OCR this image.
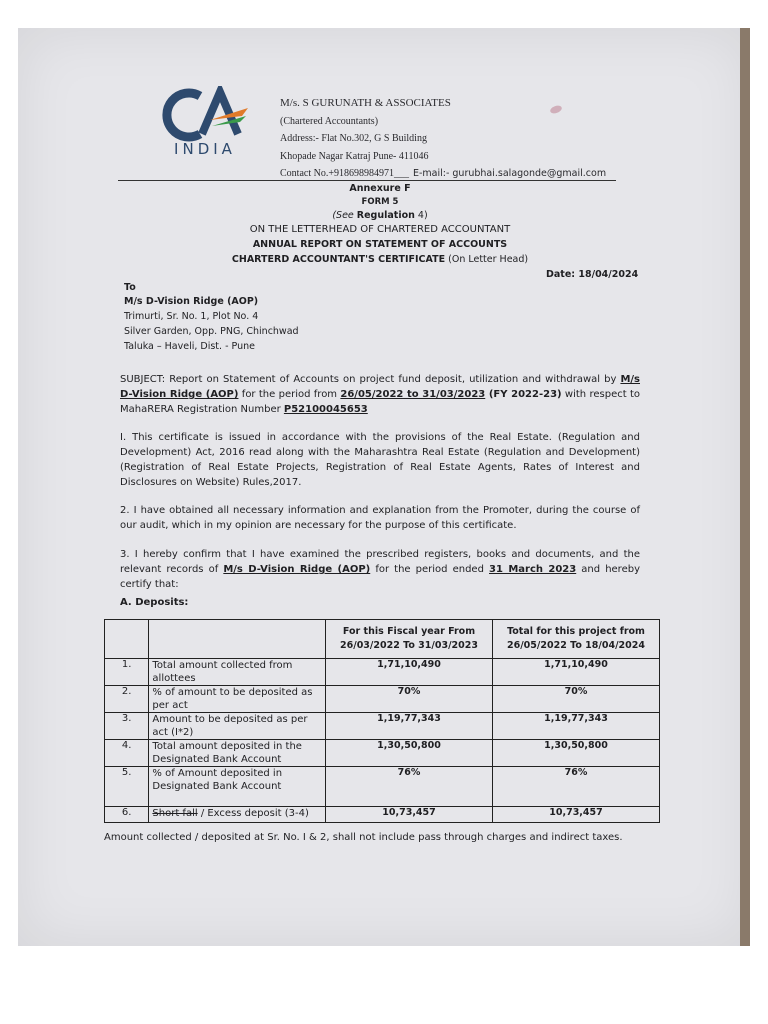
INDIA
M/s. S GURUNATH & ASSOCIATES
(Chartered Accountants)
Address:- Flat No.302, G S Building
Khopade Nagar Katraj Pune- 411046
Contact No.+918698984971___ E-mail:- gurubhai.salagonde@gmail.com
Annexure F
FORM 5
(See Regulation 4)
ON THE LETTERHEAD OF CHARTERED ACCOUNTANT
ANNUAL REPORT ON STATEMENT OF ACCOUNTS
CHARTERD ACCOUNTANT'S CERTIFICATE (On Letter Head)
Date: 18/04/2024
To
M/s D-Vision Ridge (AOP)
Trimurti, Sr. No. 1, Plot No. 4
Silver Garden, Opp. PNG, Chinchwad
Taluka – Haveli, Dist. - Pune
SUBJECT: Report on Statement of Accounts on project fund deposit, utilization and withdrawal by M/s D-Vision Ridge (AOP) for the period from 26/05/2022 to 31/03/2023 (FY 2022-23) with respect to MahaRERA Registration Number P52100045653
I. This certificate is issued in accordance with the provisions of the Real Estate. (Regulation and Development) Act, 2016 read along with the Maharashtra Real Estate (Regulation and Development) (Registration of Real Estate Projects, Registration of Real Estate Agents, Rates of Interest and Disclosures on Website) Rules,2017.
2. I have obtained all necessary information and explanation from the Promoter, during the course of our audit, which in my opinion are necessary for the purpose of this certificate.
3. I hereby confirm that I have examined the prescribed registers, books and documents, and the relevant records of M/s D-Vision Ridge (AOP) for the period ended 31 March 2023 and hereby certify that:
A. Deposits:
		For this Fiscal year From 26/03/2022 To 31/03/2023	Total for this project from 26/05/2022 To 18/04/2024
1.	Total amount collected from allottees	1,71,10,490	1,71,10,490
2.	% of amount to be deposited as per act	70%	70%
3.	Amount to be deposited as per act (I*2)	1,19,77,343	1,19,77,343
4.	Total amount deposited in the Designated Bank Account	1,30,50,800	1,30,50,800
5.	% of Amount deposited in Designated Bank Account	76%	76%
6.	Short fall / Excess deposit (3-4)	10,73,457	10,73,457
Amount collected / deposited at Sr. No. I & 2, shall not include pass through charges and indirect taxes.
